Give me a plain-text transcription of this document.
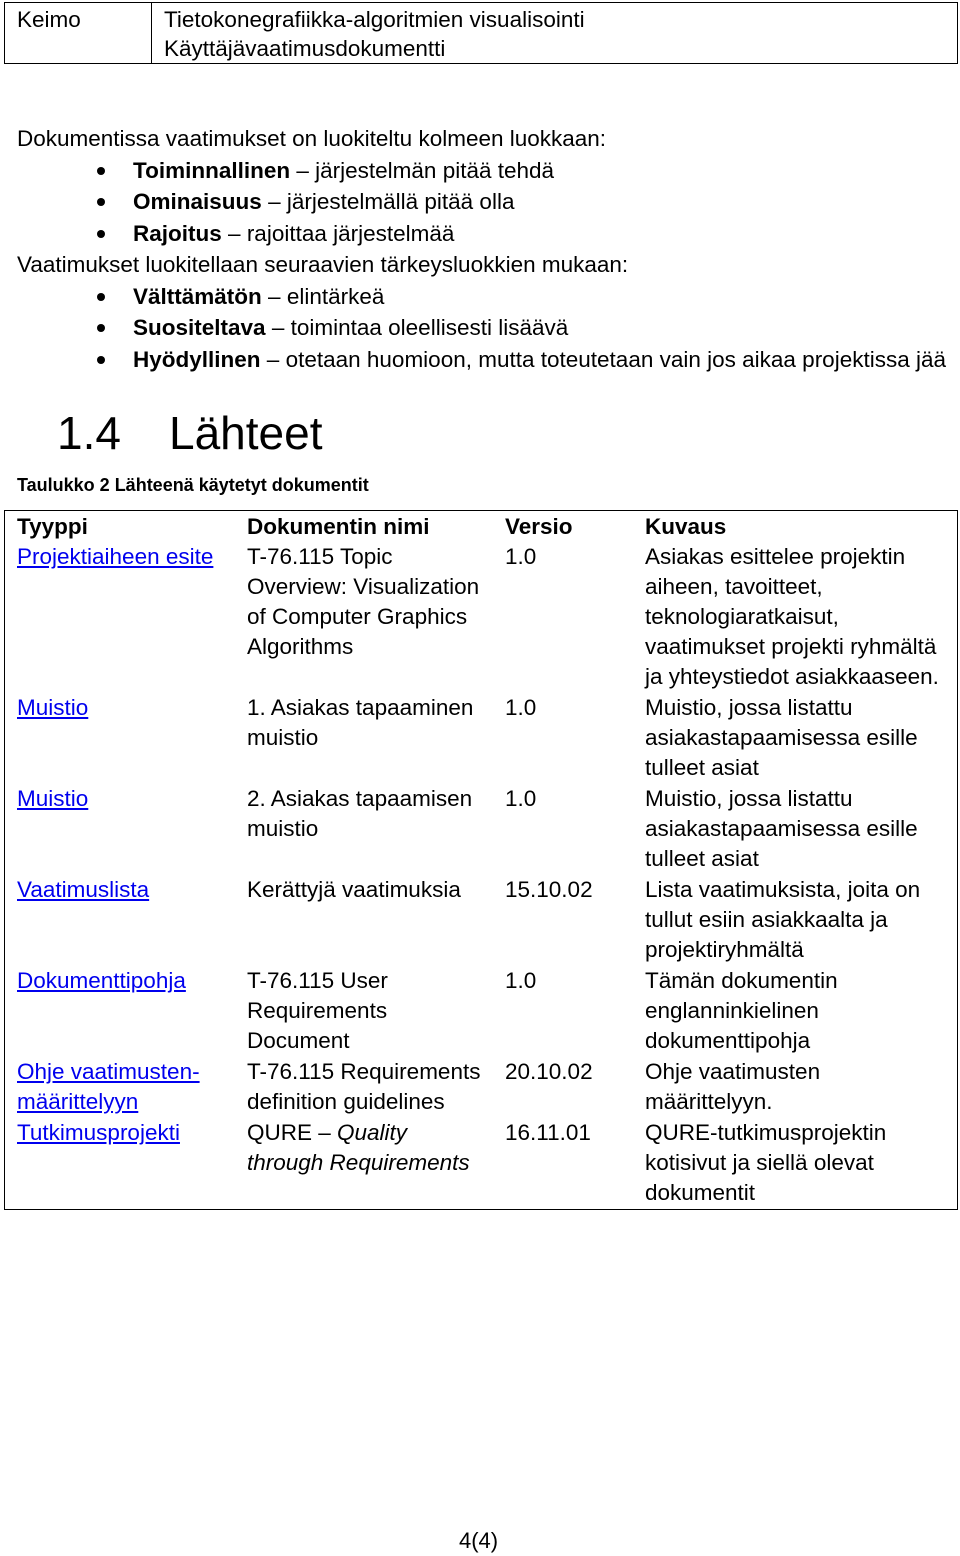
Keimo	Tietokonegrafiikka-algoritmien visualisointi
Käyttäjävaatimusdokumentti

Dokumentissa vaatimukset on luokiteltu kolmeen luokkaan:

Toiminnallinen – järjestelmän pitää tehdä
Ominaisuus – järjestelmällä pitää olla
Rajoitus – rajoittaa järjestelmää

Vaatimukset luokitellaan seuraavien tärkeysluokkien mukaan:

Välttämätön – elintärkeä
Suositeltava – toimintaa oleellisesti lisäävä
Hyödyllinen – otetaan huomioon, mutta toteutetaan vain jos aikaa projektissa jää
1.4 Lähteet
Taulukko 2 Lähteenä käytetyt dokumentit
Tyyppi	Dokumentin nimi	Versio	Kuvaus
Projektiaiheen esite	T-76.115 Topic Overview: Visualization of Computer Graphics Algorithms	1.0	Asiakas esittelee projektin aiheen, tavoitteet, teknologiaratkaisut, vaatimukset projekti ryhmältä ja yhteystiedot asiakkaaseen.
Muistio	1. Asiakas tapaaminen muistio	1.0	Muistio, jossa listattu asiakastapaamisessa esille tulleet asiat
Muistio	2. Asiakas tapaamisen muistio	1.0	Muistio, jossa listattu asiakastapaamisessa esille tulleet asiat
Vaatimuslista	Kerättyjä vaatimuksia	15.10.02	Lista vaatimuksista, joita on tullut esiin asiakkaalta ja projektiryhmältä
Dokumenttipohja	T-76.115 User Requirements Document	1.0	Tämän dokumentin englanninkielinen dokumenttipohja
Ohje vaatimusten-määrittelyyn	T-76.115 Requirements definition guidelines	20.10.02	Ohje vaatimusten määrittelyyn.
Tutkimusprojekti	QURE – Quality through Requirements	16.11.01	QURE-tutkimusprojektin kotisivut ja siellä olevat dokumentit
4(4)
